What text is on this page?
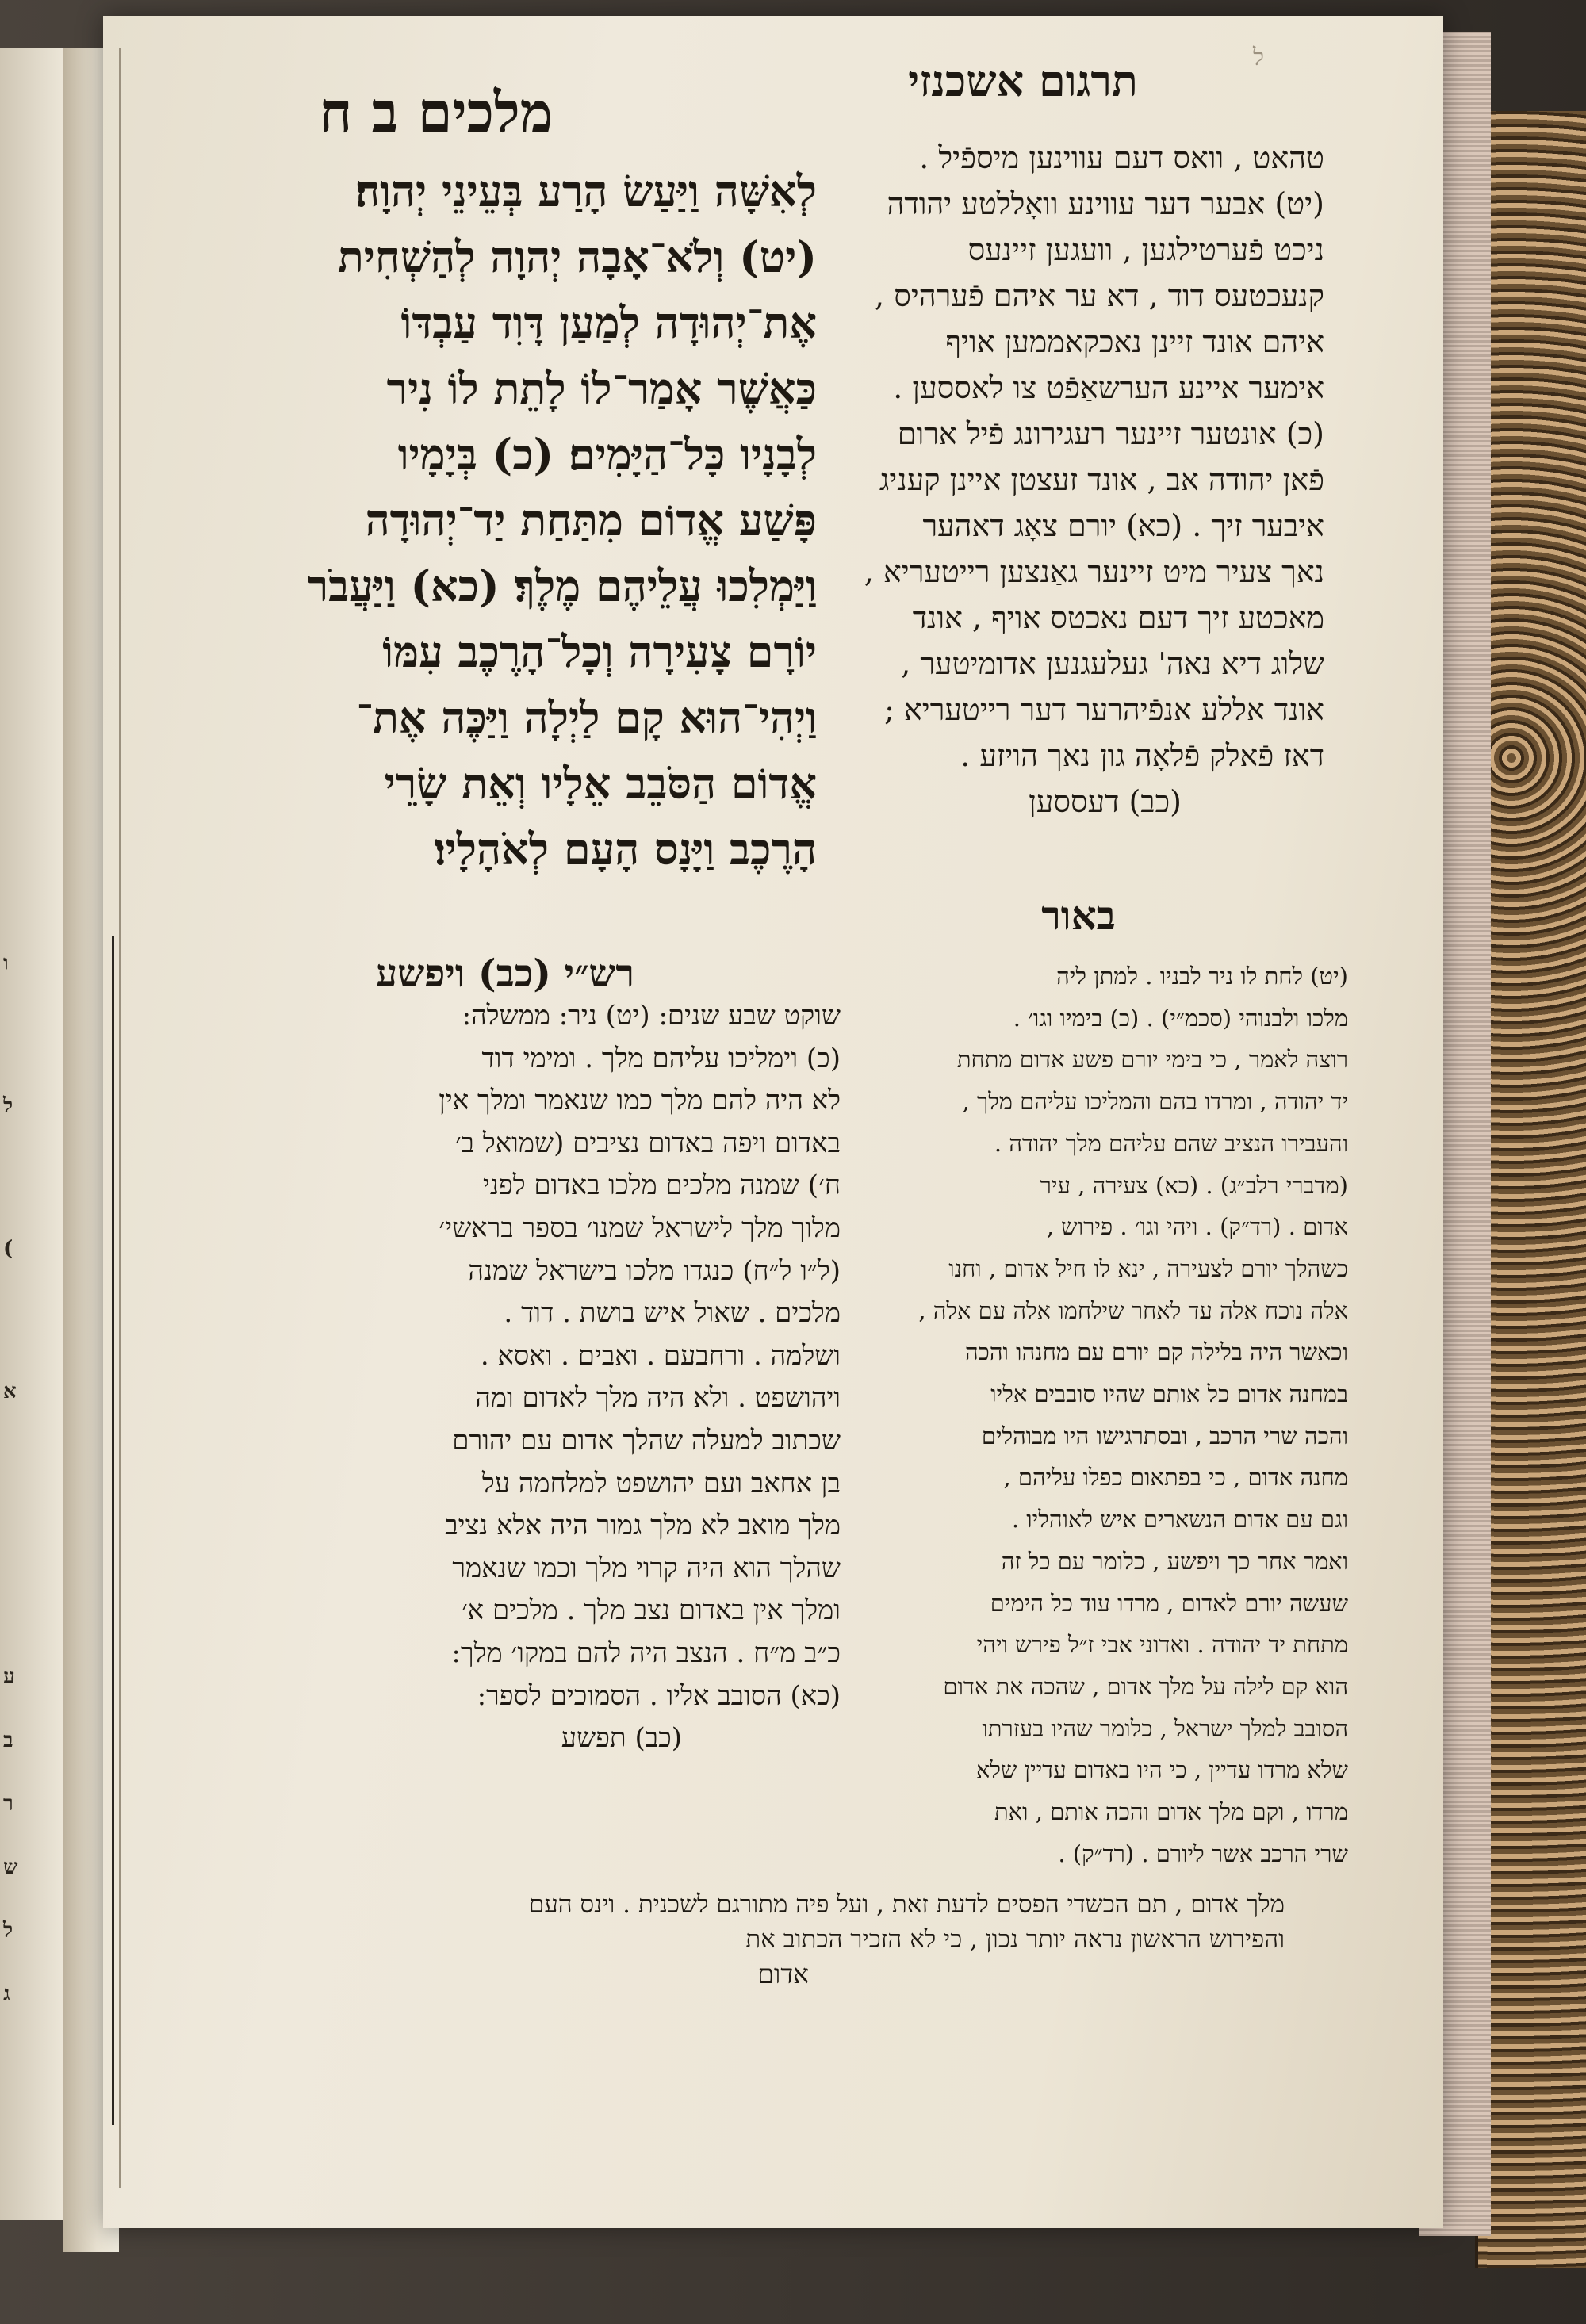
ו
ל
(
א
ע
ב
ר
ש
ל
ג
ל
מלכים ב ח	תרגום אשכנזי
לְאִשָּׁה וַיַּעַשׂ הָרַע בְּעֵינֵי יְהוָה׃
(יט) וְלֹא־אָבָה יְהוָה לְהַשְׁחִית
אֶת־יְהוּדָה לְמַעַן דָּוִד עַבְדּוֹ
כַּאֲשֶׁר אָמַר־לוֹ לָתֵת לוֹ נִיר
לְבָנָיו כָּל־הַיָּמִים׃ (כ) בְּיָמָיו
פָּשַׁע אֱדוֹם מִתַּחַת יַד־יְהוּדָה
וַיַּמְלִכוּ עֲלֵיהֶם מֶלֶךְ׃ (כא) וַיַּעֲבֹר
יוֹרָם צָעִירָה וְכָל־הָרֶכֶב עִמּוֹ
וַיְהִי־הוּא קָם לַיְלָה וַיַּכֶּה אֶת־
אֱדוֹם הַסֹּבֵב אֵלָיו וְאֵת שָׂרֵי
הָרֶכֶב וַיָּנָס הָעָם לְאֹהָלָיו׃
טהאט , וואס דעם עווינען מיספֿיל .
(יט) אבער דער עווינע וואָללטע יהודה
ניכט פֿערטילגען , וועגען זיינעס
קנעכטעס דוד , דא ער איהם פֿערהיס ,
איהם אונד זיינן נאכקאממען אויף
אימער איינע הערשאַפֿט צו לאססען .
(כ) אונטער זיינער רעגירונג פֿיל ארום
פֿאן יהודה אב , אונד זעצטן איינן קעניג
איבער זיך . (כא) יורם צאָג דאהער
נאך צעיר מיט זיינער גאַנצען רייטעריא ,
מאכטע זיך דעם נאכטס אויף , אונד
שלוג דיא נאה' געלעגנען אדומיטער ,
אונד אללע אנפֿיהרער דער רייטעריא ;
דאז פֿאלק פֿלאָה גון נאך הויזע .
(כב) דעססען
באור
רש״י (כב) ויפשע
שוקט שבע שנים: (יט) ניר: ממשלה:
(כ) וימליכו עליהם מלך . ומימי דוד
לא היה להם מלך כמו שנאמר ומלך אין
באדום ויפה באדום נציבים (שמואל ב׳
ח׳) שמנה מלכים מלכו באדום לפני
מלוך מלך לישראל שמנו׳ בספר בראשי׳
(ל״ו ל״ח) כנגדו מלכו בישראל שמנה
מלכים . שאול איש בושת . דוד .
ושלמה . ורחבעם . ואבים . ואסא .
ויהושפט . ולא היה מלך לאדום ומה
שכתוב למעלה שהלך אדום עם יהורם
בן אחאב ועם יהושפט למלחמה על
מלך מואב לא מלך גמור היה אלא נציב
שהלך הוא היה קרוי מלך וכמו שנאמר
ומלך אין באדום נצב מלך . מלכים א׳
כ״ב מ״ח . הנצב היה להם במקו׳ מלך:
(כא) הסובב אליו . הסמוכים לספר:
(כב) תפשע
(יט) לחת לו ניר לבניו . למתן ליה
מלכו ולבנוהי (סכמ״י) . (כ) בימיו וגו׳ .
רוצה לאמר , כי בימי יורם פשע אדום מתחת
יד יהודה , ומרדו בהם והמליכו עליהם מלך ,
והעבירו הנציב שהם עליהם מלך יהודה .
(מדברי רלב״ג) . (כא) צעירה , עיר
אדום . (רד״ק) . ויהי וגו׳ . פירוש ,
כשהלך יורם לצעירה , ינא לו חיל אדום , וחנו
אלה נוכח אלה עד לאחר שילחמו אלה עם אלה ,
וכאשר היה בלילה קם יורם עם מחנהו והכה
במחנה אדום כל אותם שהיו סובבים אליו
והכה שרי הרכב , ובסתרגישו היו מבוהלים
מחנה אדום , כי בפתאום כפלו עליהם ,
וגם עם אדום הנשארים איש לאוהליו .
ואמר אחר כך ויפשע , כלומר עם כל זה
שעשה יורם לאדום , מרדו עוד כל הימים
מתחת יד יהודה . ואדוני אבי ז״ל פירש ויהי
הוא קם לילה על מלך אדום , שהכה את אדום
הסובב למלך ישראל , כלומר שהיו בעזרתו
שלא מרדו עדיין , כי היו באדום עדיין שלא
מרדו , וקם מלך אדום והכה אותם , ואת
שרי הרכב אשר ליורם . (רד״ק) .
מלך אדום , תם הכשדי הפסים לדעת זאת , ועל פיה מתורגם לשכנית . וינס העם
והפירוש הראשון נראה יותר נכון , כי לא הזכיר הכתוב את
אדום
